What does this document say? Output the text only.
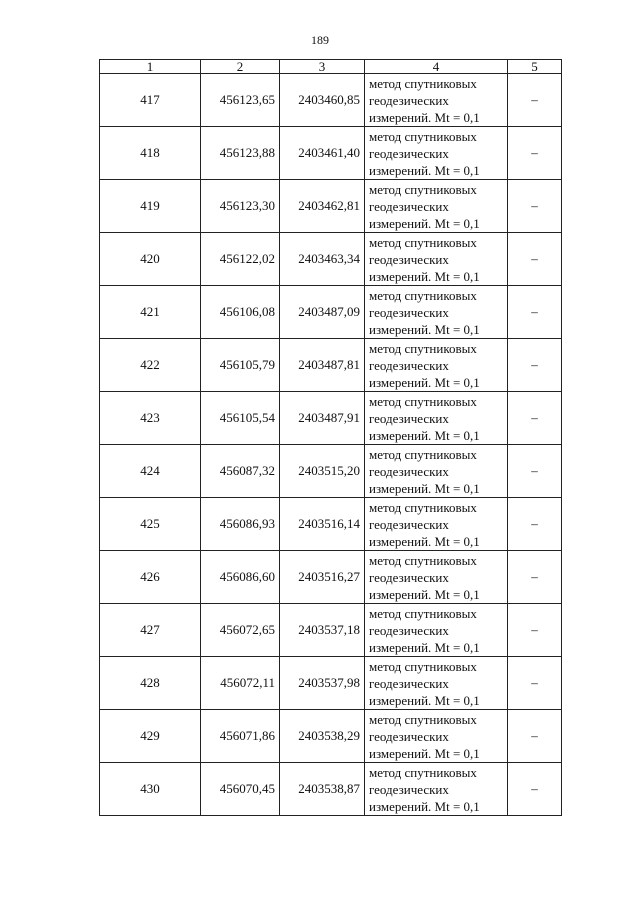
189
1	2	3	4	5
417	456123,65	2403460,85	метод спутниковых
геодезических
измерений. Mt = 0,1	–
418	456123,88	2403461,40	метод спутниковых
геодезических
измерений. Mt = 0,1	–
419	456123,30	2403462,81	метод спутниковых
геодезических
измерений. Mt = 0,1	–
420	456122,02	2403463,34	метод спутниковых
геодезических
измерений. Mt = 0,1	–
421	456106,08	2403487,09	метод спутниковых
геодезических
измерений. Mt = 0,1	–
422	456105,79	2403487,81	метод спутниковых
геодезических
измерений. Mt = 0,1	–
423	456105,54	2403487,91	метод спутниковых
геодезических
измерений. Mt = 0,1	–
424	456087,32	2403515,20	метод спутниковых
геодезических
измерений. Mt = 0,1	–
425	456086,93	2403516,14	метод спутниковых
геодезических
измерений. Mt = 0,1	–
426	456086,60	2403516,27	метод спутниковых
геодезических
измерений. Mt = 0,1	–
427	456072,65	2403537,18	метод спутниковых
геодезических
измерений. Mt = 0,1	–
428	456072,11	2403537,98	метод спутниковых
геодезических
измерений. Mt = 0,1	–
429	456071,86	2403538,29	метод спутниковых
геодезических
измерений. Mt = 0,1	–
430	456070,45	2403538,87	метод спутниковых
геодезических
измерений. Mt = 0,1	–
